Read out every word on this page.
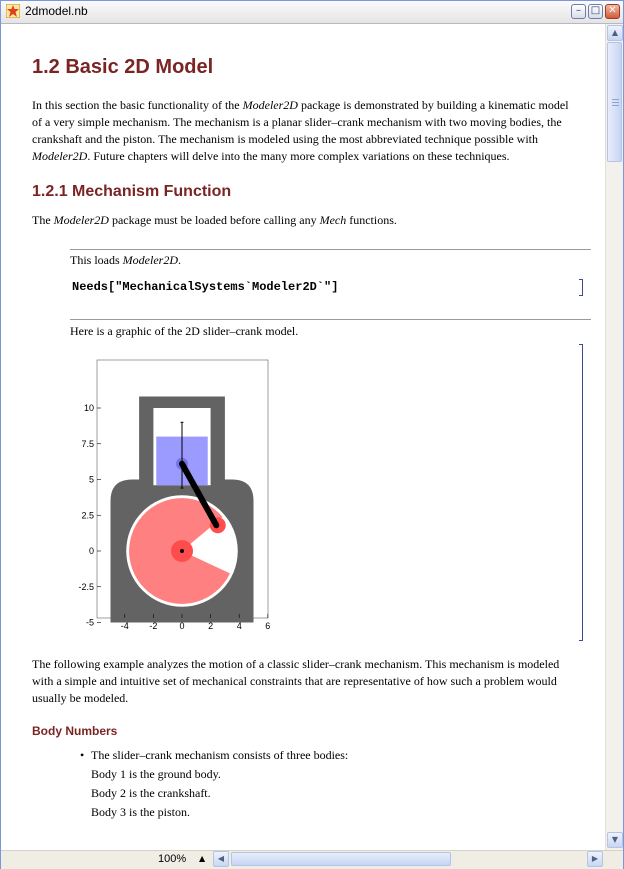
2dmodel.nb	– □ ✕
1.2 Basic 2D Model

In this section the basic functionality of the Modeler2D package is demonstrated by building a kinematic model of a very simple mechanism. The mechanism is a planar slider–crank mechanism with two moving bodies, the crankshaft and the piston. The mechanism is modeled using the most abbreviated technique possible with Modeler2D. Future chapters will delve into the many more complex variations on these techniques.

1.2.1 Mechanism Function

The Modeler2D package must be loaded before calling any Mech functions.

This loads Modeler2D.
Needs["MechanicalSystems`Modeler2D`"]
Here is a graphic of the 2D slider–crank model.
-4 -2 0	2	4	6
10
7.5
5
2.5
0
-2.5
-5

The following example analyzes the motion of a classic slider–crank mechanism. This mechanism is modeled with a simple and intuitive set of mechanical constraints that are representative of how such a problem would usually be modeled.

Body Numbers
• The slider–crank mechanism consists of three bodies:
Body 1 is the ground body.
Body 2 is the crankshaft.
Body 3 is the piston.
▲
▼
100%	▲	◀	▶
